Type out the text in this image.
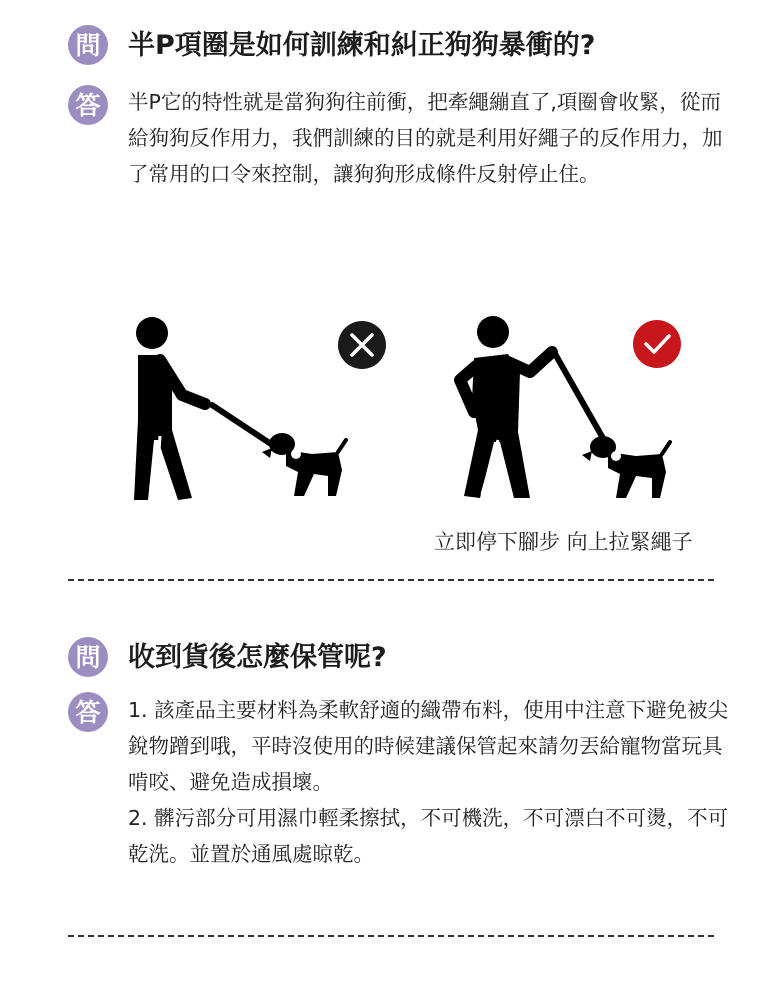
問 半P項圈是如何訓練和糾正狗狗暴衝的?
答	半P它的特性就是當狗狗往前衝，把牽繩繃直了,項圈會收緊，從而給狗狗反作用力，我們訓練的目的就是利用好繩子的反作用力，加了常用的口令來控制，讓狗狗形成條件反射停止住。

立即停下腳步 向上拉緊繩子
問 收到貨後怎麼保管呢?
答	1. 該產品主要材料為柔軟舒適的織帶布料，使用中注意下避免被尖銳物蹭到哦，平時沒使用的時候建議保管起來請勿丟給寵物當玩具啃咬、避免造成損壞。

2. 髒污部分可用濕巾輕柔擦拭，不可機洗，不可漂白不可燙，不可乾洗。並置於通風處晾乾。
